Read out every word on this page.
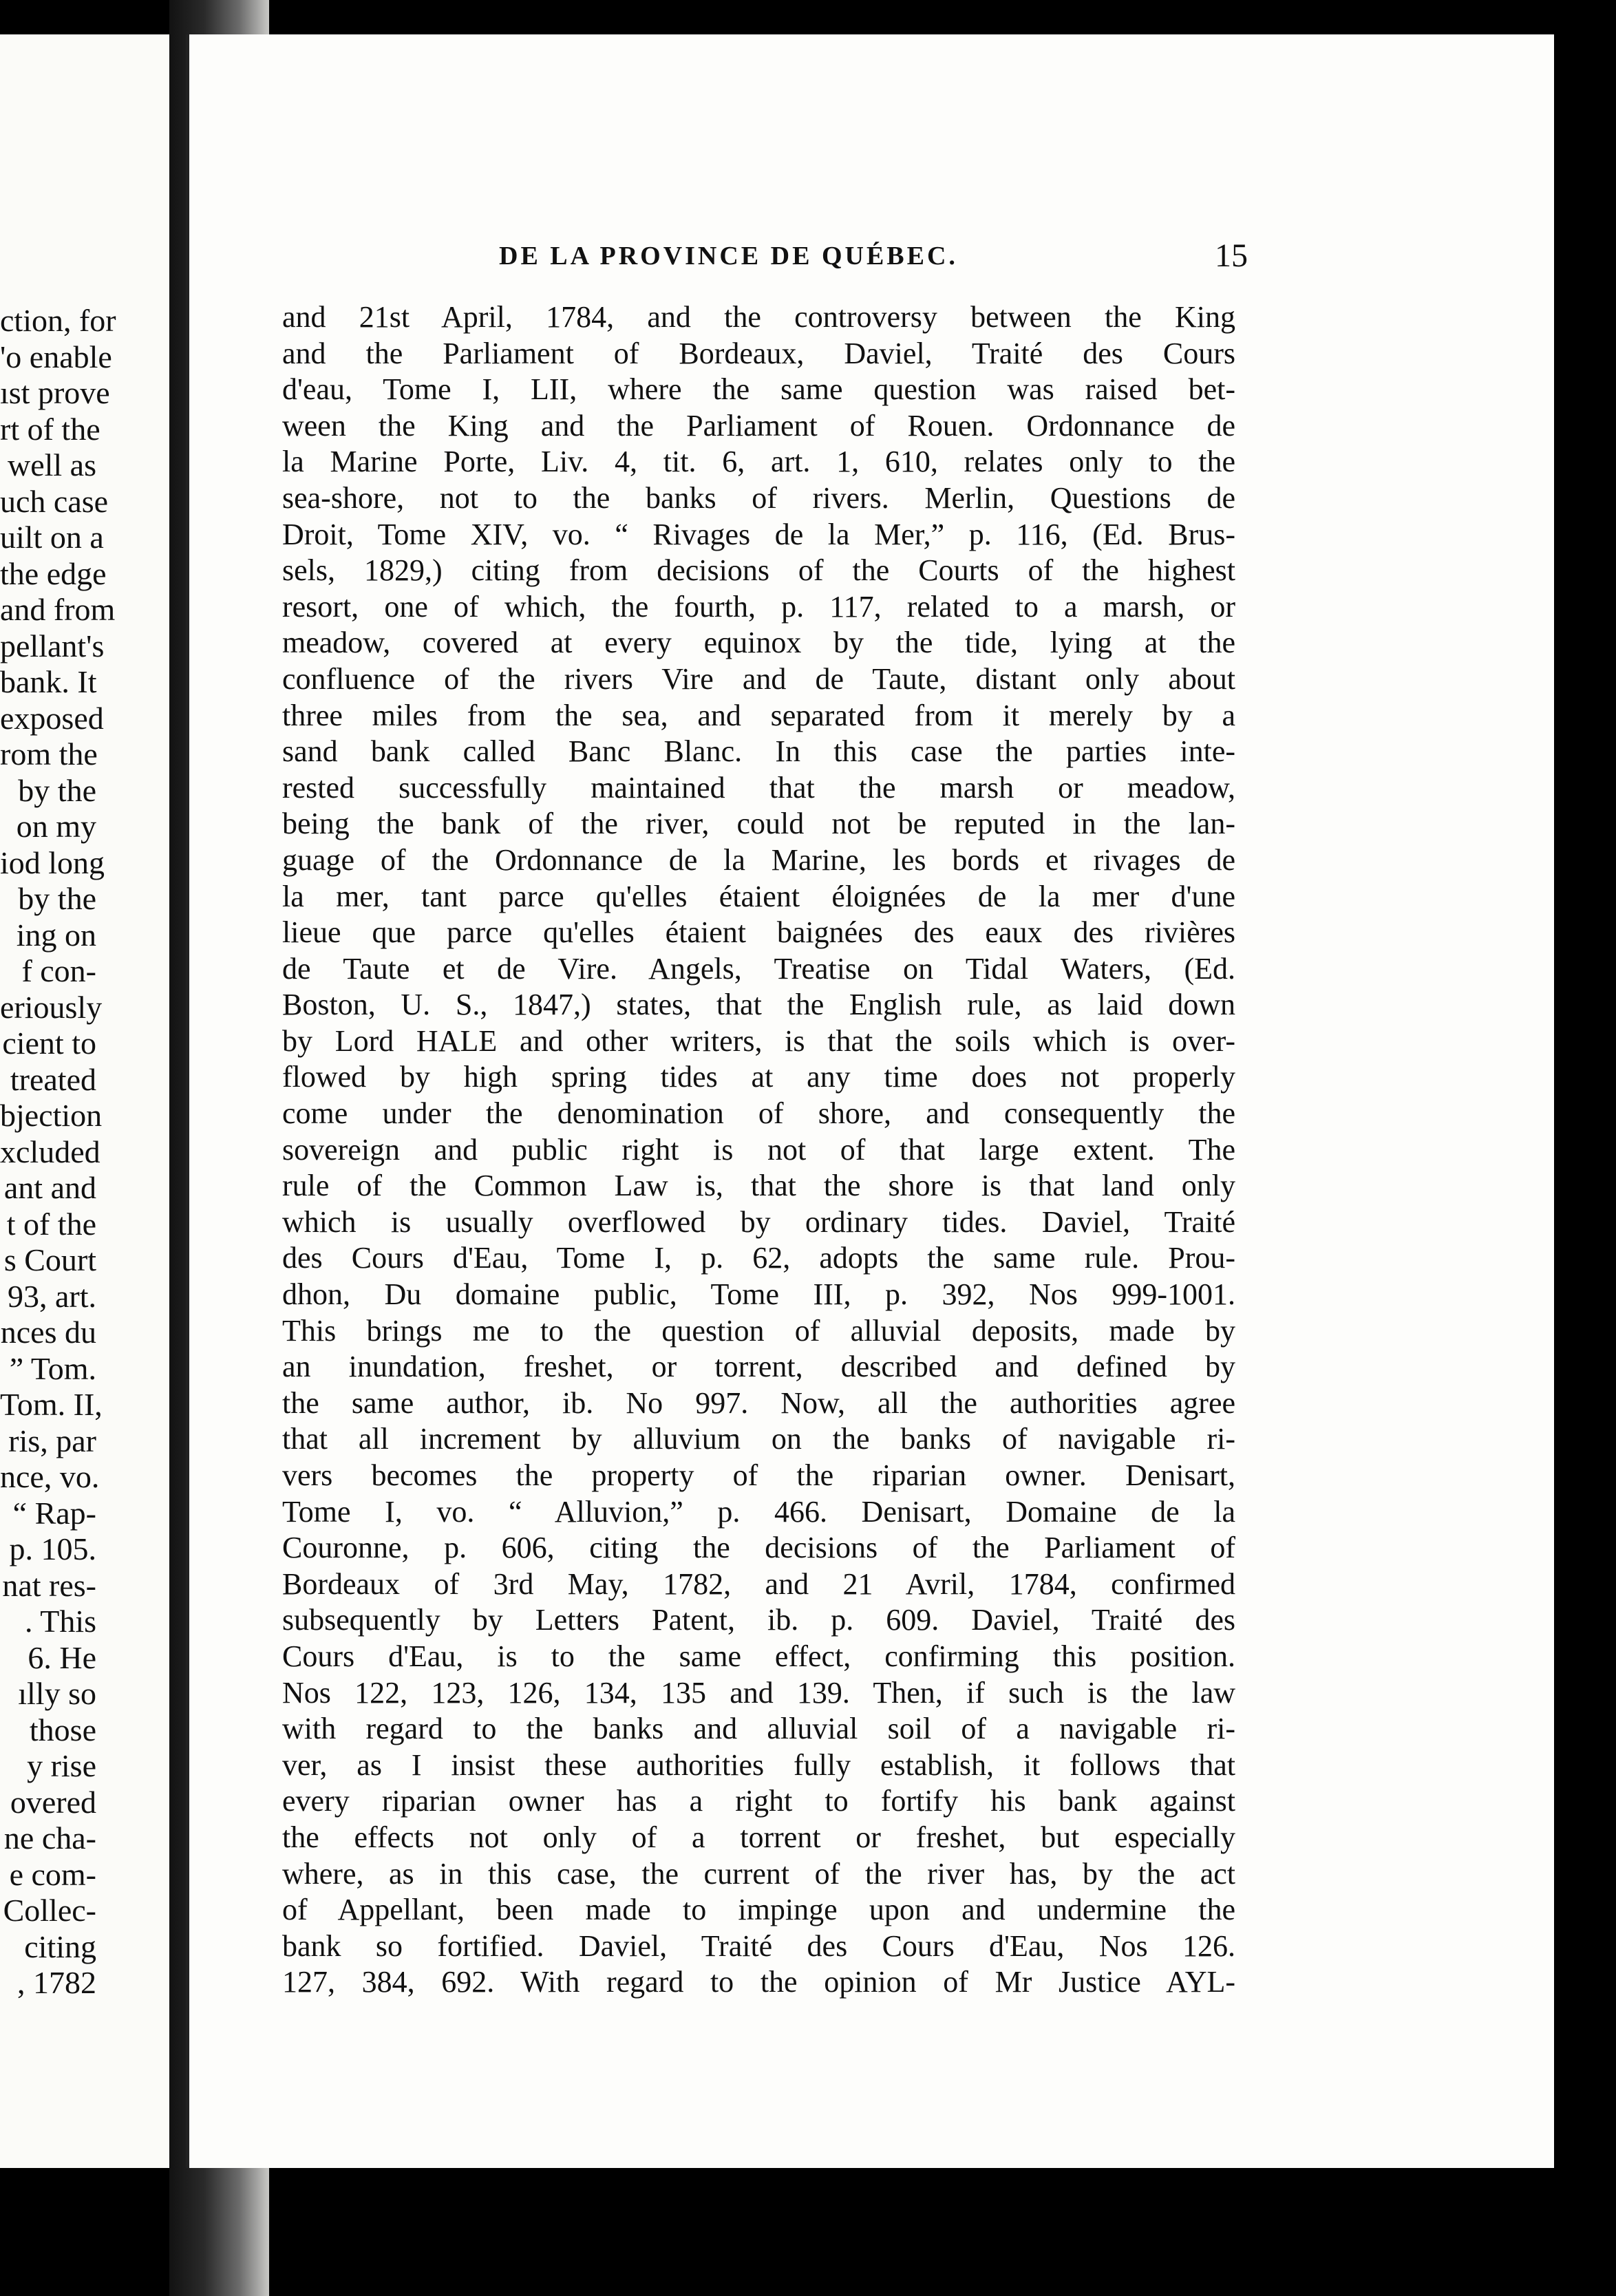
ction, for
'o enable
ıst prove
rt of the
well as
uch case
uilt on a
the edge
and from
pellant's
bank. It
exposed
rom the
by the
on my
iod long
by the
ing on
f con-
eriously
cient to
treated
bjection
xcluded
ant and
t of the
s Court
93, art.
nces du
” Tom.
Tom. II,
ris, par
nce, vo.
“ Rap-
p. 105.
nat res-
. This
6. He
ılly so
those
y rise
overed
ne cha-
e com-
Collec-
citing
, 1782
DE LA PROVINCE DE QUÉBEC.	15
and 21st April, 1784, and the controversy between the King
and the Parliament of Bordeaux, Daviel, Traité des Cours
d'eau, Tome I, LII, where the same question was raised bet-
ween the King and the Parliament of Rouen. Ordonnance de
la Marine Porte, Liv. 4, tit. 6, art. 1, 610, relates only to the
sea-shore, not to the banks of rivers. Merlin, Questions de
Droit, Tome XIV, vo. “ Rivages de la Mer,” p. 116, (Ed. Brus-
sels, 1829,) citing from decisions of the Courts of the highest
resort, one of which, the fourth, p. 117, related to a marsh, or
meadow, covered at every equinox by the tide, lying at the
confluence of the rivers Vire and de Taute, distant only about
three miles from the sea, and separated from it merely by a
sand bank called Banc Blanc. In this case the parties inte-
rested successfully maintained that the marsh or meadow,
being the bank of the river, could not be reputed in the lan-
guage of the Ordonnance de la Marine, les bords et rivages de
la mer, tant parce qu'elles étaient éloignées de la mer d'une
lieue que parce qu'elles étaient baignées des eaux des rivières
de Taute et de Vire. Angels, Treatise on Tidal Waters, (Ed.
Boston, U. S., 1847,) states, that the English rule, as laid down
by Lord HALE and other writers, is that the soils which is over-
flowed by high spring tides at any time does not properly
come under the denomination of shore, and consequently the
sovereign and public right is not of that large extent. The
rule of the Common Law is, that the shore is that land only
which is usually overflowed by ordinary tides. Daviel, Traité
des Cours d'Eau, Tome I, p. 62, adopts the same rule. Prou-
dhon, Du domaine public, Tome III, p. 392, Nos 999-1001.
This brings me to the question of alluvial deposits, made by
an inundation, freshet, or torrent, described and defined by
the same author, ib. No 997. Now, all the authorities agree
that all increment by alluvium on the banks of navigable ri-
vers becomes the property of the riparian owner. Denisart,
Tome I, vo. “ Alluvion,” p. 466. Denisart, Domaine de la
Couronne, p. 606, citing the decisions of the Parliament of
Bordeaux of 3rd May, 1782, and 21 Avril, 1784, confirmed
subsequently by Letters Patent, ib. p. 609. Daviel, Traité des
Cours d'Eau, is to the same effect, confirming this position.
Nos 122, 123, 126, 134, 135 and 139. Then, if such is the law
with regard to the banks and alluvial soil of a navigable ri-
ver, as I insist these authorities fully establish, it follows that
every riparian owner has a right to fortify his bank against
the effects not only of a torrent or freshet, but especially
where, as in this case, the current of the river has, by the act
of Appellant, been made to impinge upon and undermine the
bank so fortified. Daviel, Traité des Cours d'Eau, Nos 126.
127, 384, 692. With regard to the opinion of Mr Justice AYL-
